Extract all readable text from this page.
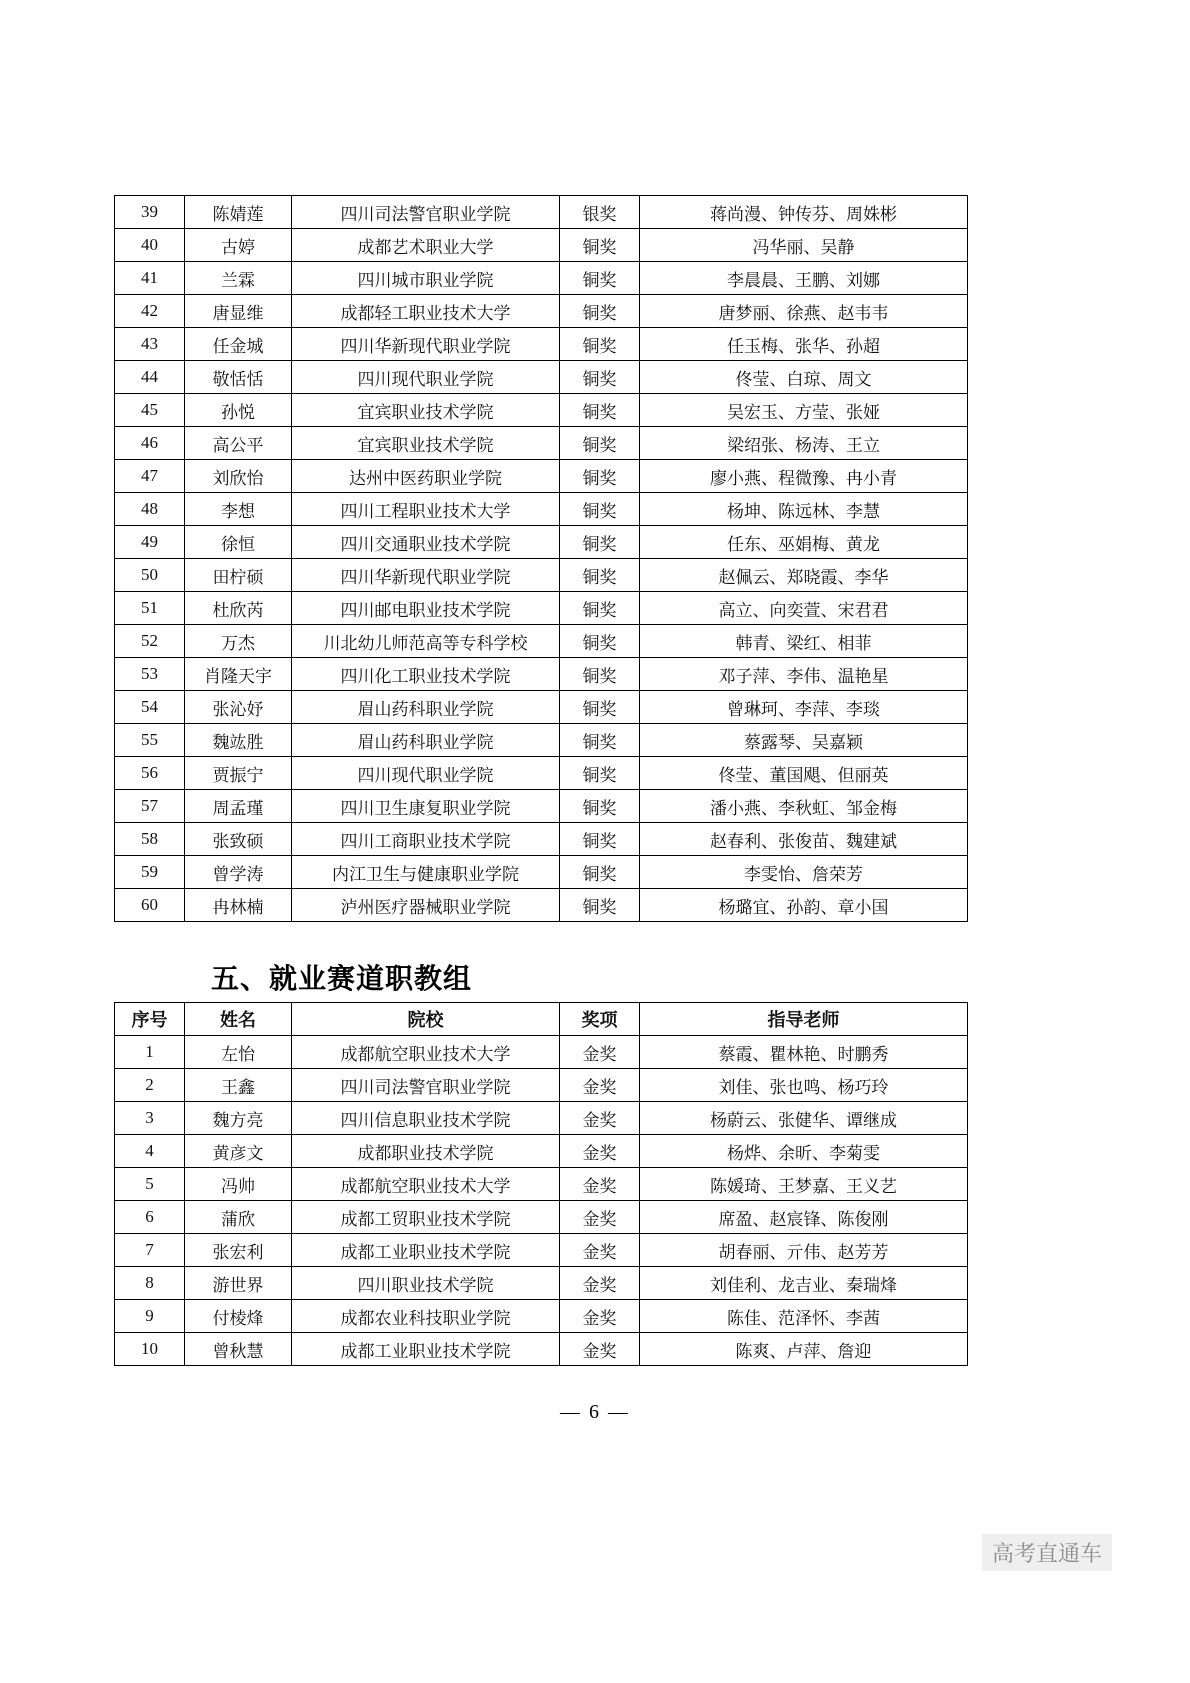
39	陈婧莲	四川司法警官职业学院	银奖	蒋尚漫、钟传芬、周姝彬
40	古婷	成都艺术职业大学	铜奖	冯华丽、吴静
41	兰霖	四川城市职业学院	铜奖	李晨晨、王鹏、刘娜
42	唐显维	成都轻工职业技术大学	铜奖	唐梦丽、徐燕、赵韦韦
43	任金城	四川华新现代职业学院	铜奖	任玉梅、张华、孙超
44	敬恬恬	四川现代职业学院	铜奖	佟莹、白琼、周文
45	孙悦	宜宾职业技术学院	铜奖	吴宏玉、方莹、张娅
46	高公平	宜宾职业技术学院	铜奖	梁绍张、杨涛、王立
47	刘欣怡	达州中医药职业学院	铜奖	廖小燕、程微豫、冉小青
48	李想	四川工程职业技术大学	铜奖	杨坤、陈远林、李慧
49	徐恒	四川交通职业技术学院	铜奖	任东、巫娟梅、黄龙
50	田柠硕	四川华新现代职业学院	铜奖	赵佩云、郑晓霞、李华
51	杜欣芮	四川邮电职业技术学院	铜奖	高立、向奕萱、宋君君
52	万杰	川北幼儿师范高等专科学校	铜奖	韩青、梁红、相菲
53	肖隆天宇	四川化工职业技术学院	铜奖	邓子萍、李伟、温艳星
54	张沁妤	眉山药科职业学院	铜奖	曾琳珂、李萍、李琰
55	魏竑胜	眉山药科职业学院	铜奖	蔡露琴、吴嘉颖
56	贾振宁	四川现代职业学院	铜奖	佟莹、董国飓、但丽英
57	周孟瑾	四川卫生康复职业学院	铜奖	潘小燕、李秋虹、邹金梅
58	张致硕	四川工商职业技术学院	铜奖	赵春利、张俊苗、魏建斌
59	曾学涛	内江卫生与健康职业学院	铜奖	李雯怡、詹荣芳
60	冉林楠	泸州医疗器械职业学院	铜奖	杨璐宜、孙韵、章小国
五、就业赛道职教组
序号	姓名	院校	奖项	指导老师
1	左怡	成都航空职业技术大学	金奖	蔡霞、瞿林艳、时鹏秀
2	王鑫	四川司法警官职业学院	金奖	刘佳、张也鸣、杨巧玲
3	魏方亮	四川信息职业技术学院	金奖	杨蔚云、张健华、谭继成
4	黄彦文	成都职业技术学院	金奖	杨烨、余昕、李菊雯
5	冯帅	成都航空职业技术大学	金奖	陈媛琦、王梦嘉、王义艺
6	蒲欣	成都工贸职业技术学院	金奖	席盈、赵宸锋、陈俊刚
7	张宏利	成都工业职业技术学院	金奖	胡春丽、亓伟、赵芳芳
8	游世界	四川职业技术学院	金奖	刘佳利、龙吉业、秦瑞烽
9	付棱烽	成都农业科技职业学院	金奖	陈佳、范泽怀、李茜
10	曾秋慧	成都工业职业技术学院	金奖	陈爽、卢萍、詹迎
— 6 —
高考直通车
